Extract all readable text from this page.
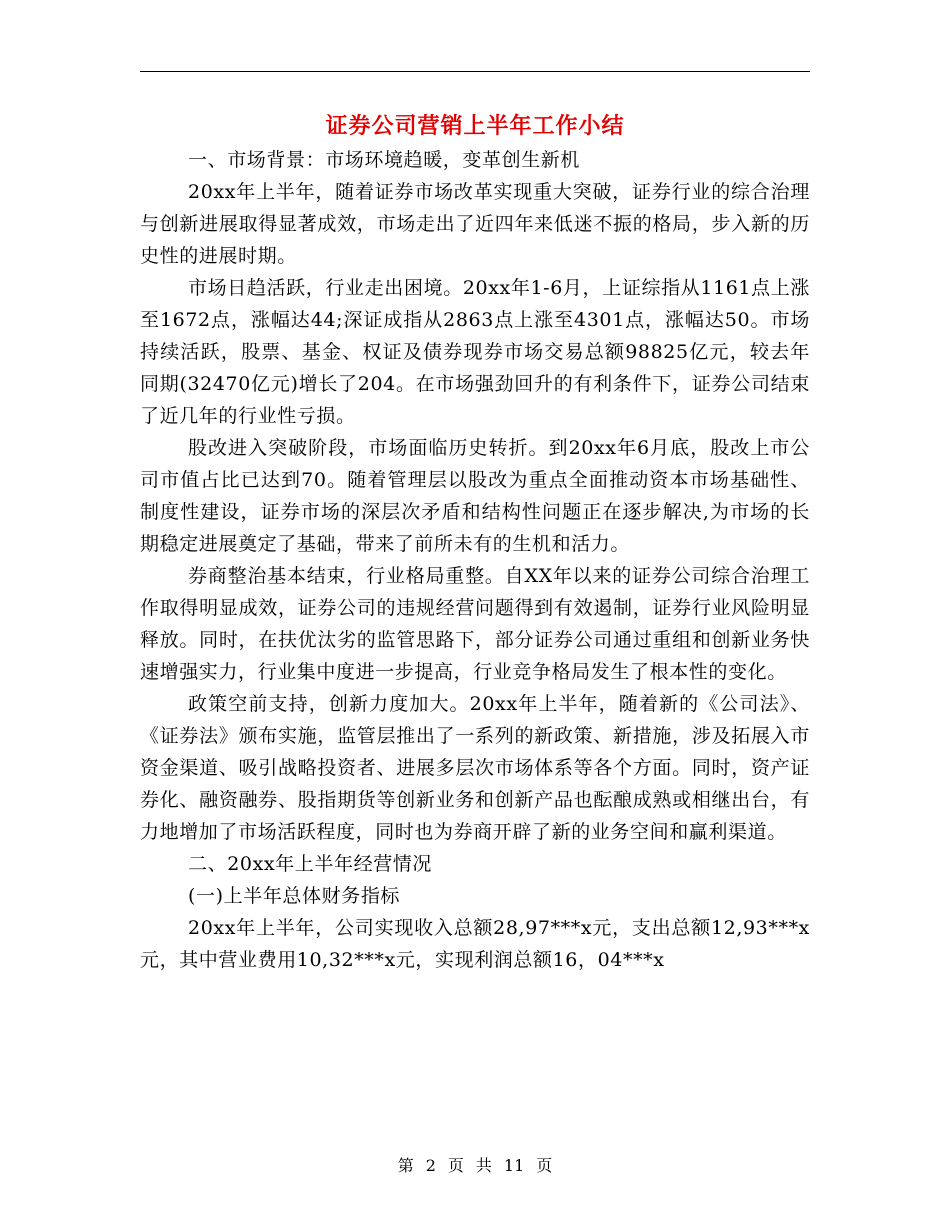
证券公司营销上半年工作小结

一、市场背景：市场环境趋暖，变革创生新机

20xx年上半年，随着证券市场改革实现重大突破，证券行业的综合治理与创新进展取得显著成效，市场走出了近四年来低迷不振的格局，步入新的历史性的进展时期。

市场日趋活跃，行业走出困境。20xx年1-6月，上证综指从1161点上涨至1672点，涨幅达44;深证成指从2863点上涨至4301点，涨幅达50。市场持续活跃，股票、基金、权证及债券现券市场交易总额98825亿元，较去年同期(32470亿元)增长了204。在市场强劲回升的有利条件下，证券公司结束了近几年的行业性亏损。

股改进入突破阶段，市场面临历史转折。到20xx年6月底，股改上市公司市值占比已达到70。随着管理层以股改为重点全面推动资本市场基础性、制度性建设，证券市场的深层次矛盾和结构性问题正在逐步解决,为市场的长期稳定进展奠定了基础，带来了前所未有的生机和活力。

券商整治基本结束，行业格局重整。自XX年以来的证券公司综合治理工作取得明显成效，证券公司的违规经营问题得到有效遏制，证券行业风险明显释放。同时，在扶优汰劣的监管思路下，部分证券公司通过重组和创新业务快速增强实力，行业集中度进一步提高，行业竞争格局发生了根本性的变化。

政策空前支持，创新力度加大。20xx年上半年，随着新的《公司法》、《证券法》颁布实施，监管层推出了一系列的新政策、新措施，涉及拓展入市资金渠道、吸引战略投资者、进展多层次市场体系等各个方面。同时，资产证券化、融资融券、股指期货等创新业务和创新产品也酝酿成熟或相继出台，有力地增加了市场活跃程度，同时也为券商开辟了新的业务空间和赢利渠道。

二、20xx年上半年经营情况

(一)上半年总体财务指标

20xx年上半年，公司实现收入总额28,97***x元，支出总额12,93***x元，其中营业费用10,32***x元，实现利润总额16，04***x

第 2 页 共 11 页
